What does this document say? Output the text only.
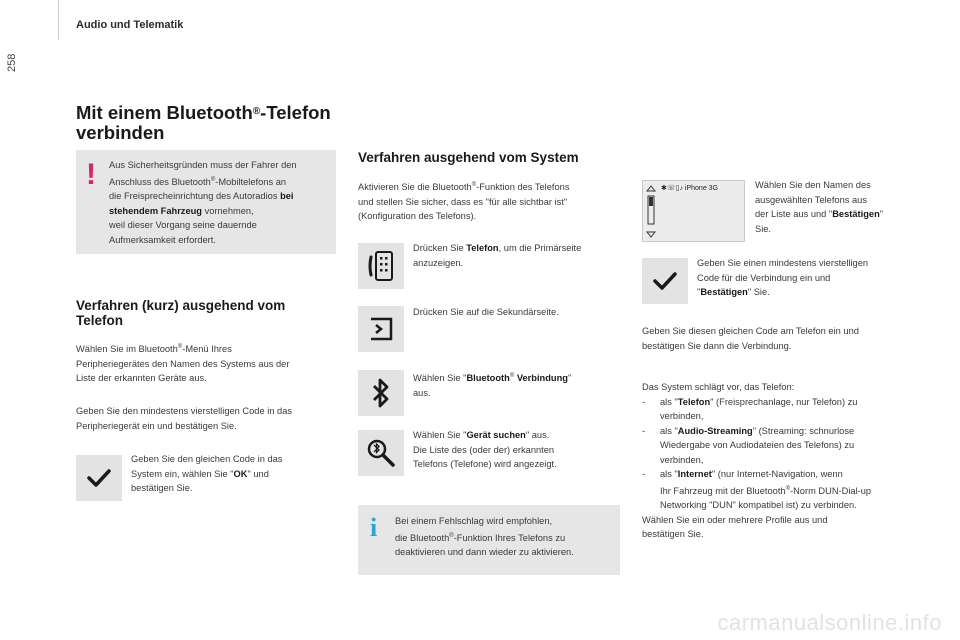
258
Audio und Telematik
Mit einem Bluetooth®-Telefon verbinden
! Aus Sicherheitsgründen muss der Fahrer den
Anschluss des Bluetooth®-Mobiltelefons an
die Freisprecheinrichtung des Autoradios bei
stehendem Fahrzeug vornehmen,
weil dieser Vorgang seine dauernde
Aufmerksamkeit erfordert.
Verfahren (kurz) ausgehend vom Telefon
Wählen Sie im Bluetooth®-Menü Ihres
Peripheriegerätes den Namen des Systems aus der
Liste der erkannten Geräte aus.
Geben Sie den mindestens vierstelligen Code in das
Peripheriegerät ein und bestätigen Sie.
Geben Sie den gleichen Code in das
System ein, wählen Sie "OK" und
bestätigen Sie.
Verfahren ausgehend vom System
Aktivieren Sie die Bluetooth®-Funktion des Telefons
und stellen Sie sicher, dass es "für alle sichtbar ist"
(Konfiguration des Telefons).
Drücken Sie Telefon, um die Primärseite
anzuzeigen.
Drücken Sie auf die Sekundärseite.
Wählen Sie "Bluetooth® Verbindung"
aus.
Wählen Sie "Gerät suchen" aus.
Die Liste des (oder der) erkannten
Telefons (Telefone) wird angezeigt.
i Bei einem Fehlschlag wird empfohlen,
die Bluetooth®-Funktion Ihres Telefons zu
deaktivieren und dann wieder zu aktivieren.
✱☏▯♪ iPhone 3G	Wählen Sie den Namen des
ausgewählten Telefons aus
der Liste aus und "Bestätigen"
Sie.
Geben Sie einen mindestens vierstelligen
Code für die Verbindung ein und
"Bestätigen" Sie.
Geben Sie diesen gleichen Code am Telefon ein und
bestätigen Sie dann die Verbindung.
Das System schlägt vor, das Telefon:
- als "Telefon" (Freisprechanlage, nur Telefon) zu
verbinden,
- als "Audio-Streaming" (Streaming: schnurlose
Wiedergabe von Audiodateien des Telefons) zu
verbinden,
- als "Internet" (nur Internet-Navigation, wenn
Ihr Fahrzeug mit der Bluetooth®-Norm DUN-Dial-up
Networking "DUN" kompatibel ist) zu verbinden.
Wählen Sie ein oder mehrere Profile aus und
bestätigen Sie.
carmanualsonline.info
